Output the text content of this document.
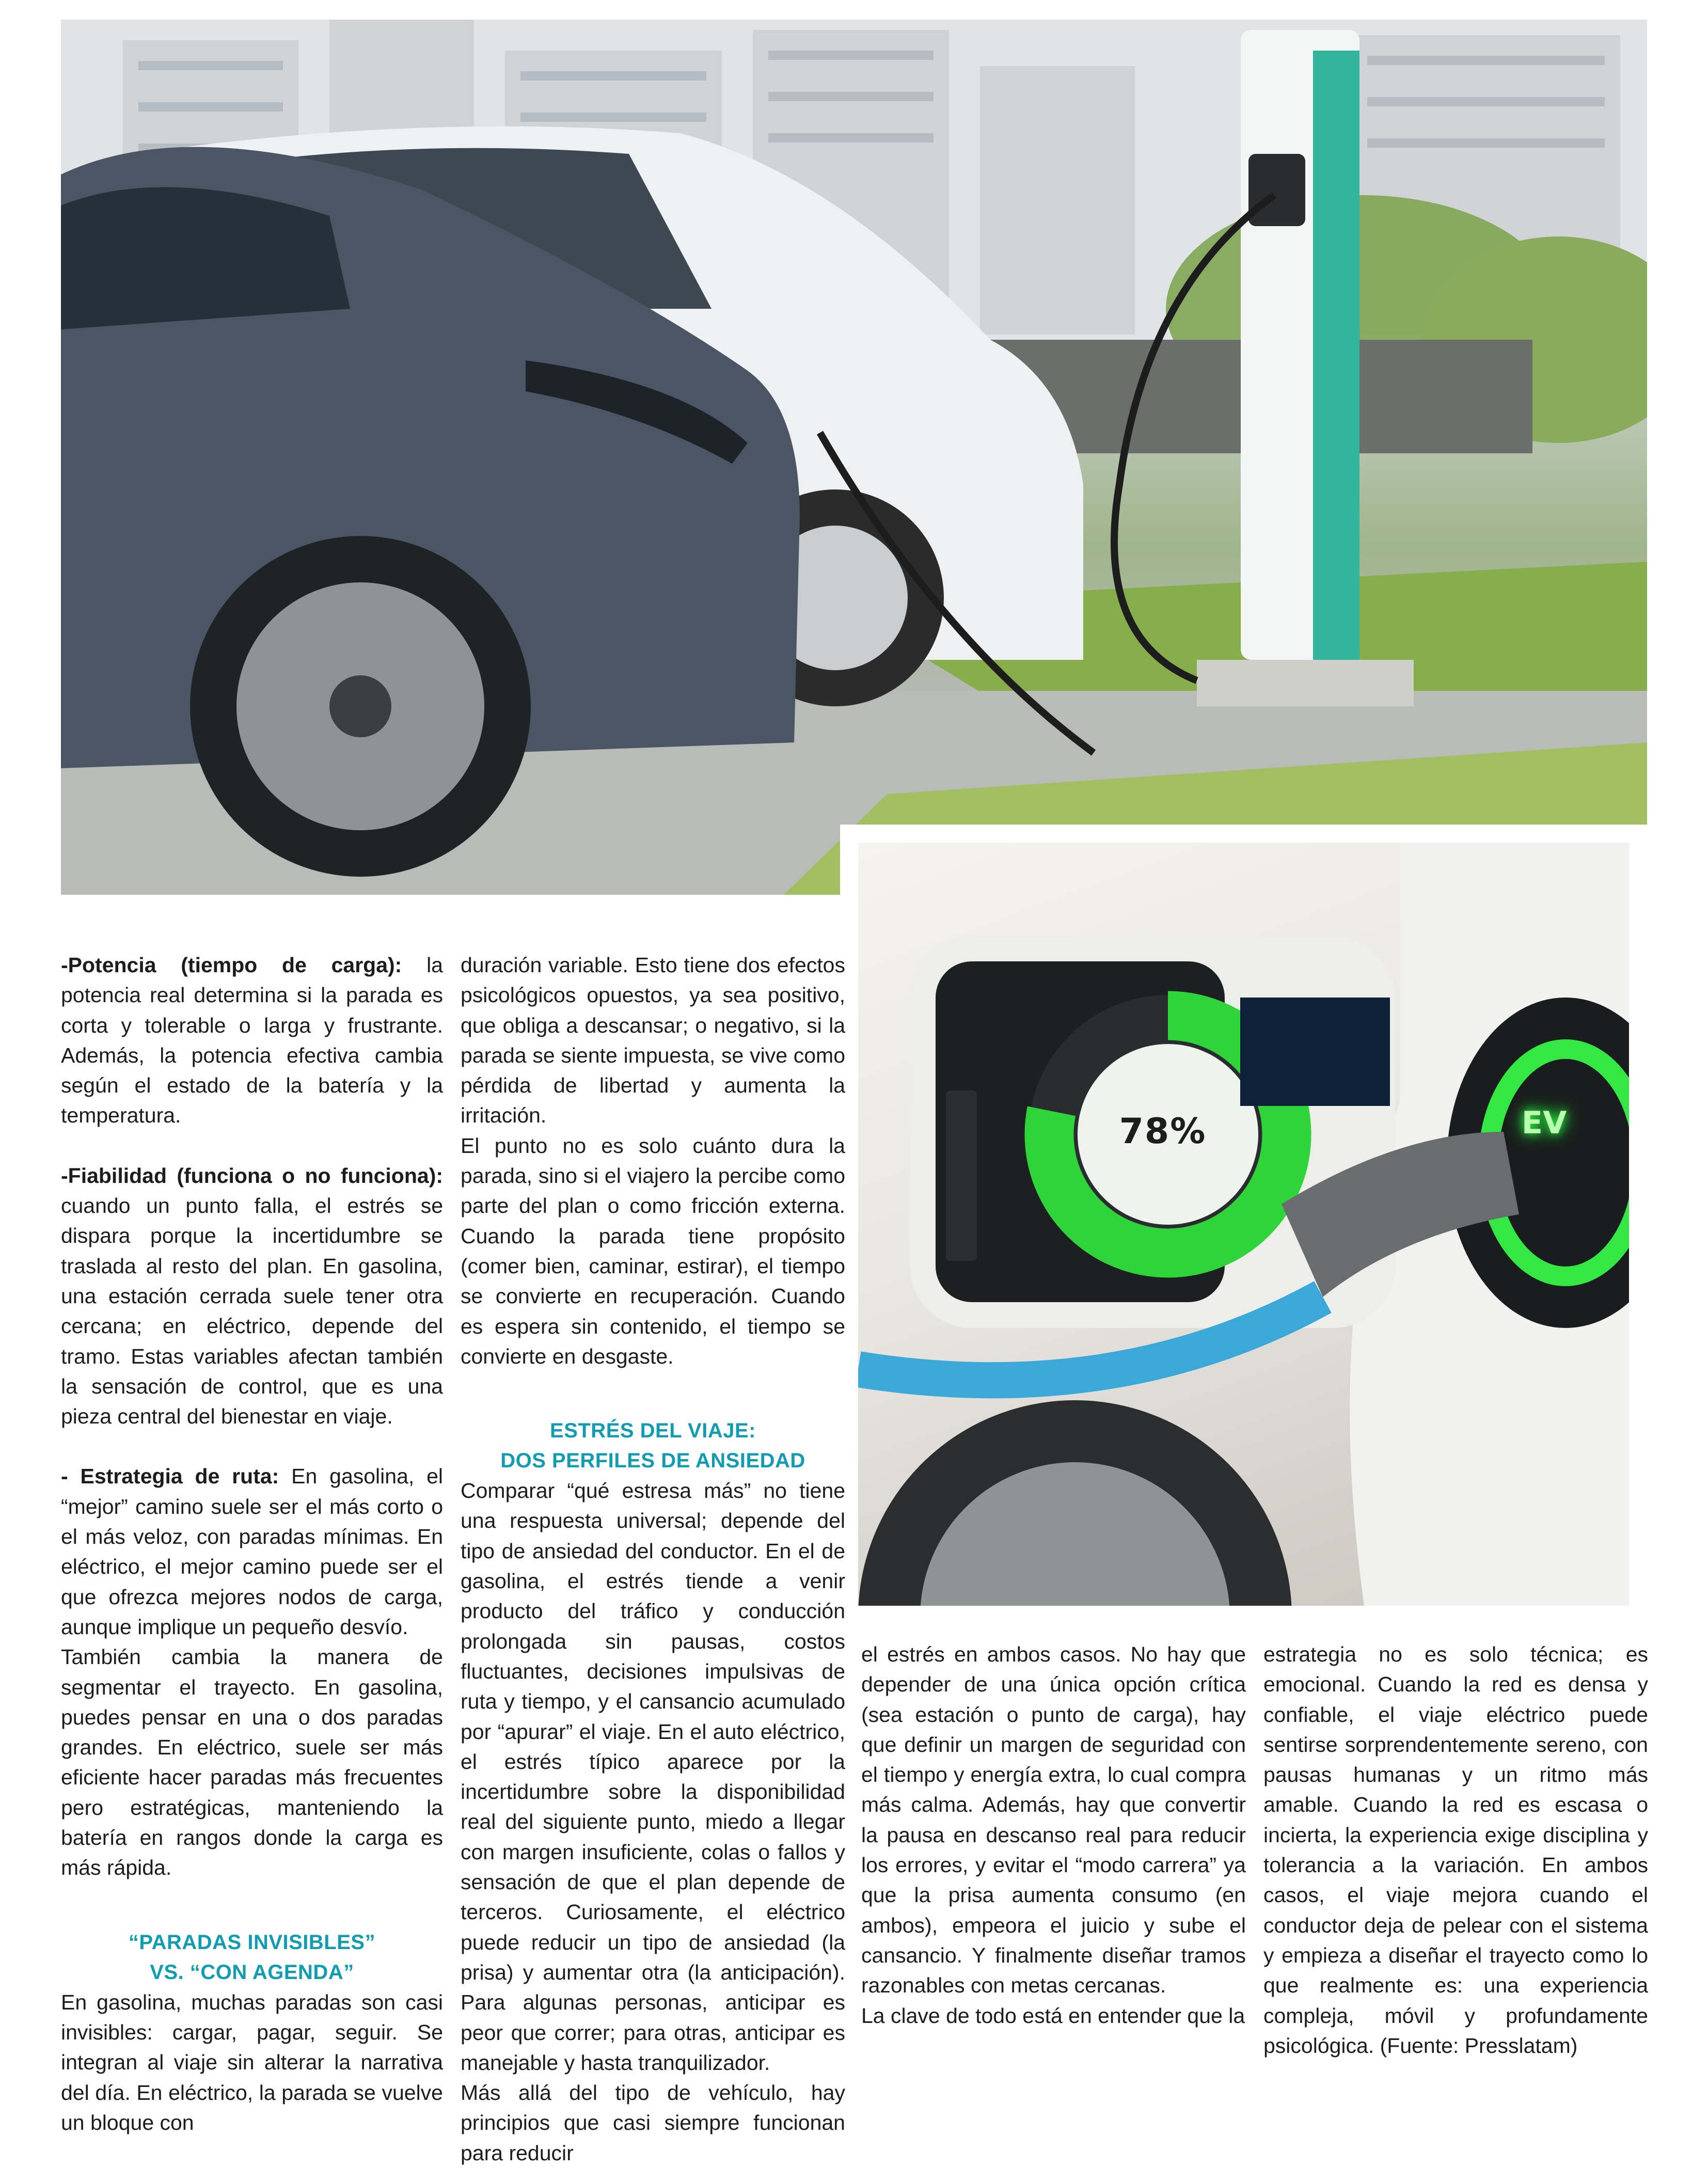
78%	EV

-Potencia (tiempo de carga): la potencia real determina si la parada es corta y tolerable o larga y frustrante. Además, la potencia efectiva cambia según el estado de la batería y la temperatura.

-Fiabilidad (funciona o no funciona): cuando un punto falla, el estrés se dispara porque la incertidumbre se traslada al resto del plan. En gasolina, una estación cerrada suele tener otra cercana; en eléctrico, depende del tramo. Estas variables afectan también la sensación de control, que es una pieza central del bienestar en viaje.

- Estrategia de ruta: En gasolina, el “mejor” camino suele ser el más corto o el más veloz, con paradas mínimas. En eléctrico, el mejor camino puede ser el que ofrezca mejores nodos de carga, aunque implique un pequeño desvío.

También cambia la manera de segmentar el trayecto. En gasolina, puedes pensar en una o dos paradas grandes. En eléctrico, suele ser más eficiente hacer paradas más frecuentes pero estratégicas, manteniendo la batería en rangos donde la carga es más rápida.

“PARADAS INVISIBLES”
VS. “CON AGENDA”

En gasolina, muchas paradas son casi invisibles: cargar, pagar, seguir. Se integran al viaje sin alterar la narrativa del día. En eléctrico, la parada se vuelve un bloque con

duración variable. Esto tiene dos efectos psicológicos opuestos, ya sea positivo, que obliga a descansar; o negativo, si la parada se siente impuesta, se vive como pérdida de libertad y aumenta la irritación.

El punto no es solo cuánto dura la parada, sino si el viajero la percibe como parte del plan o como fricción externa. Cuando la parada tiene propósito (comer bien, caminar, estirar), el tiempo se convierte en recuperación. Cuando es espera sin contenido, el tiempo se convierte en desgaste.

ESTRÉS DEL VIAJE:
DOS PERFILES DE ANSIEDAD

Comparar “qué estresa más” no tiene una respuesta universal; depende del tipo de ansiedad del conductor. En el de gasolina, el estrés tiende a venir producto del tráfico y conducción prolongada sin pausas, costos fluctuantes, decisiones impulsivas de ruta y tiempo, y el cansancio acumulado por “apurar” el viaje. En el auto eléctrico, el estrés típico aparece por la incertidumbre sobre la disponibilidad real del siguiente punto, miedo a llegar con margen insuficiente, colas o fallos y sensación de que el plan depende de terceros. Curiosamente, el eléctrico puede reducir un tipo de ansiedad (la prisa) y aumentar otra (la anticipación). Para algunas personas, anticipar es peor que correr; para otras, anticipar es manejable y hasta tranquilizador.

Más allá del tipo de vehículo, hay principios que casi siempre funcionan para reducir

el estrés en ambos casos. No hay que depender de una única opción crítica (sea estación o punto de carga), hay que definir un margen de seguridad con el tiempo y energía extra, lo cual compra más calma. Además, hay que convertir la pausa en descanso real para reducir los errores, y evitar el “modo carrera” ya que la prisa aumenta consumo (en ambos), empeora el juicio y sube el cansancio. Y finalmente diseñar tramos razonables con metas cercanas.

La clave de todo está en entender que la

estrategia no es solo técnica; es emocional. Cuando la red es densa y confiable, el viaje eléctrico puede sentirse sorprendentemente sereno, con pausas humanas y un ritmo más amable. Cuando la red es escasa o incierta, la experiencia exige disciplina y tolerancia a la variación. En ambos casos, el viaje mejora cuando el conductor deja de pelear con el sistema y empieza a diseñar el trayecto como lo que realmente es: una experiencia compleja, móvil y profundamente psicológica. (Fuente: Presslatam)
